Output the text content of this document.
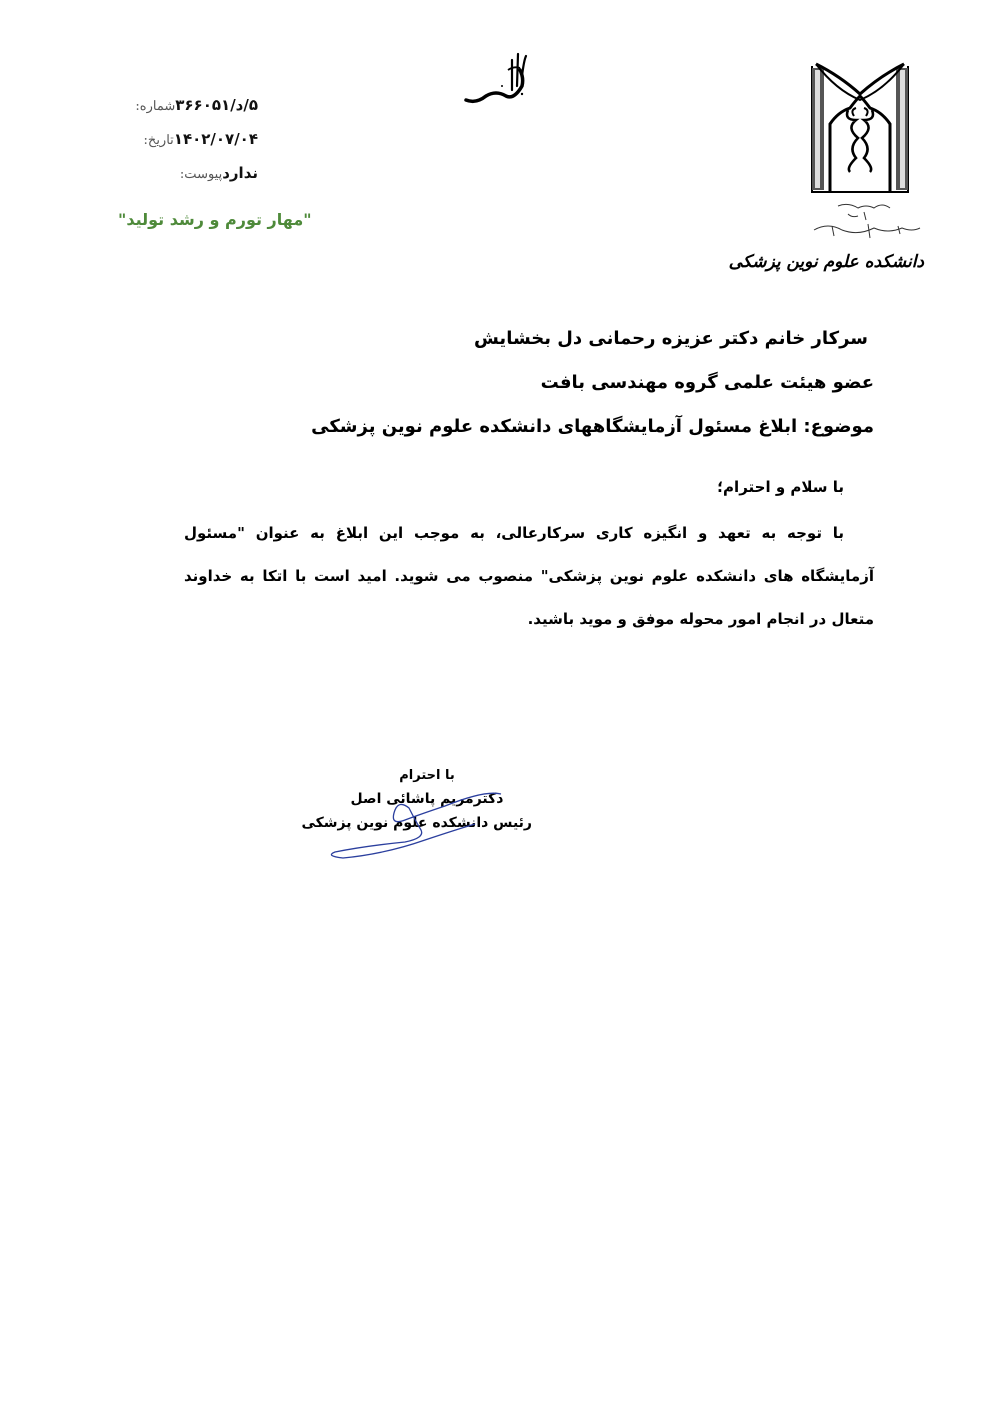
شماره: ۵/د/۳۶۶۰۵۱
تاریخ: ۱۴۰۲/۰۷/۰۴
پیوست: ندارد
"مهار تورم و رشد تولید"
دانشکده علوم نوین پزشکی
سرکار خانم دکتر عزیزه رحمانی دل بخشایش
عضو هیئت علمی گروه مهندسی بافت
موضوع: ابلاغ مسئول آزمایشگاههای دانشکده علوم نوین پزشکی
با سلام و احترام؛
با توجه به تعهد و انگیزه کاری سرکارعالی، به موجب این ابلاغ به عنوان "مسئول آزمایشگاه های دانشکده علوم نوین پزشکی" منصوب می شوید. امید است با اتکا به خداوند متعال در انجام امور محوله موفق و موید باشید.
با احترام
دکترمریم پاشائی اصل
رئیس دانشکده علوم نوین پزشکی
